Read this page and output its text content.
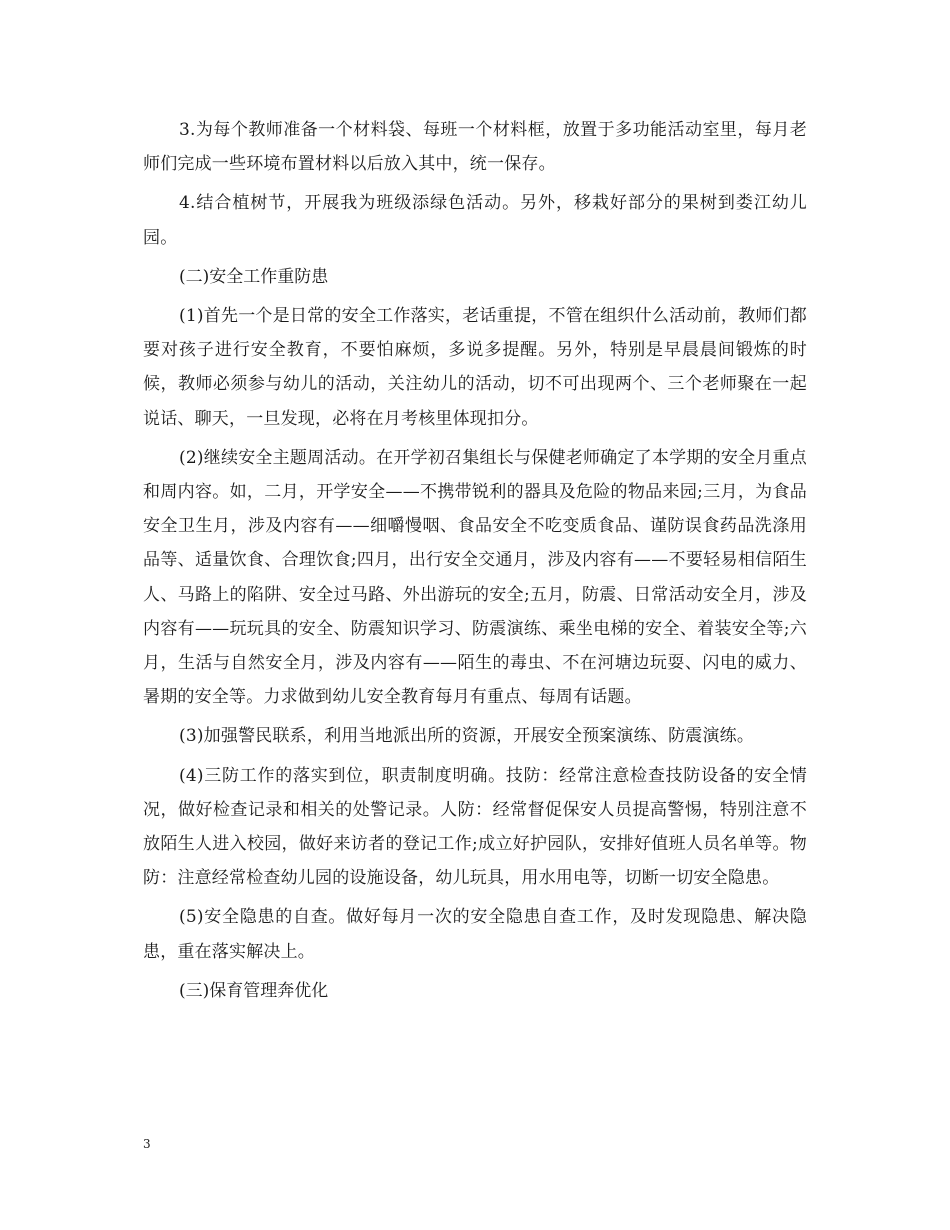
3.为每个教师准备一个材料袋、每班一个材料框，放置于多功能活动室里，每月老师们完成一些环境布置材料以后放入其中，统一保存。

4.结合植树节，开展我为班级添绿色活动。另外，移栽好部分的果树到娄江幼儿园。

(二)安全工作重防患

(1)首先一个是日常的安全工作落实，老话重提，不管在组织什么活动前，教师们都要对孩子进行安全教育，不要怕麻烦，多说多提醒。另外，特别是早晨晨间锻炼的时候，教师必须参与幼儿的活动，关注幼儿的活动，切不可出现两个、三个老师聚在一起说话、聊天，一旦发现，必将在月考核里体现扣分。

(2)继续安全主题周活动。在开学初召集组长与保健老师确定了本学期的安全月重点和周内容。如，二月，开学安全——不携带锐利的器具及危险的物品来园;三月，为食品安全卫生月，涉及内容有——细嚼慢咽、食品安全不吃变质食品、谨防误食药品洗涤用品等、适量饮食、合理饮食;四月，出行安全交通月，涉及内容有——不要轻易相信陌生人、马路上的陷阱、安全过马路、外出游玩的安全;五月，防震、日常活动安全月，涉及内容有——玩玩具的安全、防震知识学习、防震演练、乘坐电梯的安全、着装安全等;六月，生活与自然安全月，涉及内容有——陌生的毒虫、不在河塘边玩耍、闪电的威力、暑期的安全等。力求做到幼儿安全教育每月有重点、每周有话题。

(3)加强警民联系，利用当地派出所的资源，开展安全预案演练、防震演练。

(4)三防工作的落实到位，职责制度明确。技防：经常注意检查技防设备的安全情况，做好检查记录和相关的处警记录。人防：经常督促保安人员提高警惕，特别注意不放陌生人进入校园，做好来访者的登记工作;成立好护园队，安排好值班人员名单等。物防：注意经常检查幼儿园的设施设备，幼儿玩具，用水用电等，切断一切安全隐患。

(5)安全隐患的自查。做好每月一次的安全隐患自查工作，及时发现隐患、解决隐患，重在落实解决上。

(三)保育管理奔优化

3
